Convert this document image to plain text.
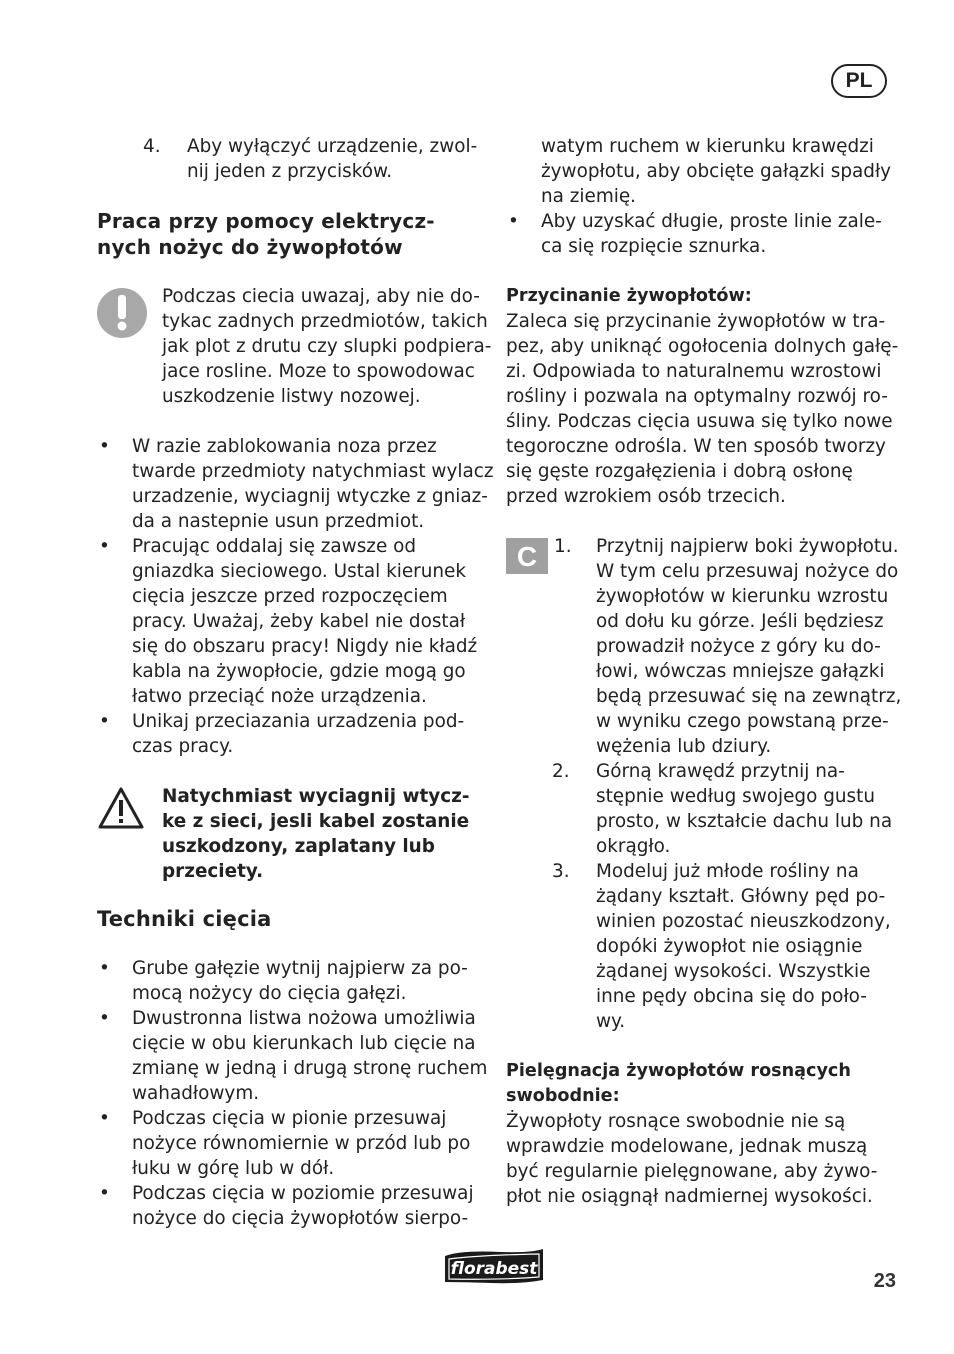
PL
4. Aby wyłączyć urządzenie, zwol-
nij jeden z przycisków.
Praca przy pomocy elektrycz-
nych nożyc do żywopłotów
Podczas ciecia uwazaj, aby nie do-
tykac zadnych przedmiotów, takich
jak plot z drutu czy slupki podpiera-
jace rosline. Moze to spowodowac
uszkodzenie listwy nozowej.
• W razie zablokowania noza przez
twarde przedmioty natychmiast wylacz
urzadzenie, wyciagnij wtyczke z gniaz-
da a nastepnie usun przedmiot.
• Pracując oddalaj się zawsze od
gniazdka sieciowego. Ustal kierunek
cięcia jeszcze przed rozpoczęciem
pracy. Uważaj, żeby kabel nie dostał
się do obszaru pracy! Nigdy nie kładź
kabla na żywopłocie, gdzie mogą go
łatwo przeciąć noże urządzenia.
• Unikaj przeciazania urzadzenia pod-
czas pracy.
Natychmiast wyciagnij wtycz-
ke z sieci, jesli kabel zostanie
uszkodzony, zaplatany lub
przeciety.
Techniki cięcia
• Grube gałęzie wytnij najpierw za po-
mocą nożycy do cięcia gałęzi.
• Dwustronna listwa nożowa umożliwia
cięcie w obu kierunkach lub cięcie na
zmianę w jedną i drugą stronę ruchem
wahadłowym.
• Podczas cięcia w pionie przesuwaj
nożyce równomiernie w przód lub po
łuku w górę lub w dół.
• Podczas cięcia w poziomie przesuwaj
nożyce do cięcia żywopłotów sierpo-
watym ruchem w kierunku krawędzi
żywopłotu, aby obcięte gałązki spadły
na ziemię.
• Aby uzyskać długie, proste linie zale-
ca się rozpięcie sznurka.
Przycinanie żywopłotów:
Zaleca się przycinanie żywopłotów w tra-
pez, aby uniknąć ogołocenia dolnych gałę-
zi. Odpowiada to naturalnemu wzrostowi
rośliny i pozwala na optymalny rozwój ro-
śliny. Podczas cięcia usuwa się tylko nowe
tegoroczne odrośla. W ten sposób tworzy
się gęste rozgałęzienia i dobrą osłonę
przed wzrokiem osób trzecich.
C 1. Przytnij najpierw boki żywopłotu.
W tym celu przesuwaj nożyce do
żywopłotów w kierunku wzrostu
od dołu ku górze. Jeśli będziesz
prowadził nożyce z góry ku do-
łowi, wówczas mniejsze gałązki
będą przesuwać się na zewnątrz,
w wyniku czego powstaną prze-
wężenia lub dziury.
2. Górną krawędź przytnij na-
stępnie według swojego gustu
prosto, w kształcie dachu lub na
okrągło.
3. Modeluj już młode rośliny na
żądany kształt. Główny pęd po-
winien pozostać nieuszkodzony,
dopóki żywopłot nie osiągnie
żądanej wysokości. Wszystkie
inne pędy obcina się do poło-
wy.
Pielęgnacja żywopłotów rosnących
swobodnie:
Żywopłoty rosnące swobodnie nie są
wprawdzie modelowane, jednak muszą
być regularnie pielęgnowane, aby żywo-
płot nie osiągnął nadmiernej wysokości.
florabest
23
